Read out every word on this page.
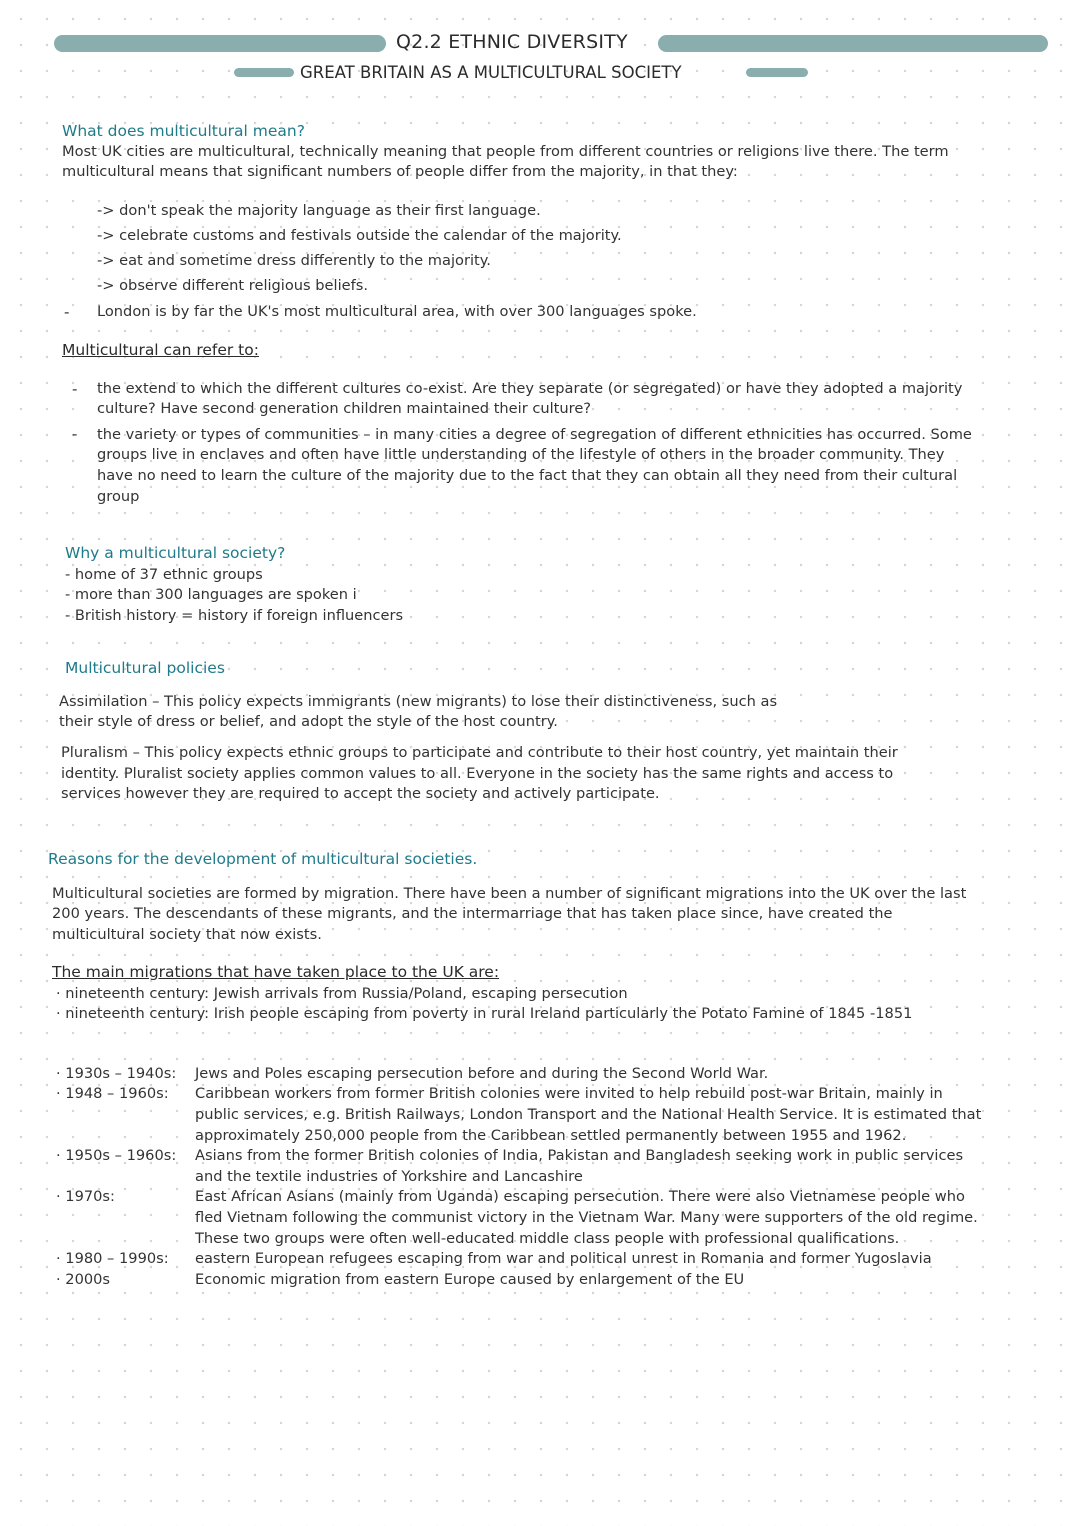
Q2.2 ETHNIC DIVERSITY
GREAT BRITAIN AS A MULTICULTURAL SOCIETY
What does multicultural mean?
Most UK cities are multicultural, technically meaning that people from different countries or religions live there. The term
multicultural means that significant numbers of people differ from the majority, in that they:
-> don't speak the majority language as their first language.
-> celebrate customs and festivals outside the calendar of the majority.
-> eat and sometime dress differently to the majority.
-> observe different religious beliefs.
- London is by far the UK's most multicultural area, with over 300 languages spoke.
Multicultural can refer to:
- the extend to which the different cultures co-exist. Are they separate (or segregated) or have they adopted a majority
culture? Have second generation children maintained their culture?
- the variety or types of communities – in many cities a degree of segregation of different ethnicities has occurred. Some
groups live in enclaves and often have little understanding of the lifestyle of others in the broader community. They
have no need to learn the culture of the majority due to the fact that they can obtain all they need from their cultural
group
Why a multicultural society?
- home of 37 ethnic groups
- more than 300 languages are spoken i
- British history = history if foreign influencers
Multicultural policies
Assimilation – This policy expects immigrants (new migrants) to lose their distinctiveness, such as
their style of dress or belief, and adopt the style of the host country.
Pluralism – This policy expects ethnic groups to participate and contribute to their host country, yet maintain their
identity. Pluralist society applies common values to all. Everyone in the society has the same rights and access to
services however they are required to accept the society and actively participate.
Reasons for the development of multicultural societies.
Multicultural societies are formed by migration. There have been a number of significant migrations into the UK over the last
200 years. The descendants of these migrants, and the intermarriage that has taken place since, have created the
multicultural society that now exists.
The main migrations that have taken place to the UK are:
· nineteenth century: Jewish arrivals from Russia/Poland, escaping persecution
· nineteenth century: Irish people escaping from poverty in rural Ireland particularly the Potato Famine of 1845 -1851
· 1930s – 1940s: Jews and Poles escaping persecution before and during the Second World War.
· 1948 – 1960s: Caribbean workers from former British colonies were invited to help rebuild post-war Britain, mainly in
public services, e.g. British Railways, London Transport and the National Health Service. It is estimated that
approximately 250,000 people from the Caribbean settled permanently between 1955 and 1962.
· 1950s – 1960s: Asians from the former British colonies of India, Pakistan and Bangladesh seeking work in public services
and the textile industries of Yorkshire and Lancashire
· 1970s:	East African Asians (mainly from Uganda) escaping persecution. There were also Vietnamese people who
fled Vietnam following the communist victory in the Vietnam War. Many were supporters of the old regime.
These two groups were often well-educated middle class people with professional qualifications.
· 1980 – 1990s: eastern European refugees escaping from war and political unrest in Romania and former Yugoslavia
· 2000s	Economic migration from eastern Europe caused by enlargement of the EU
